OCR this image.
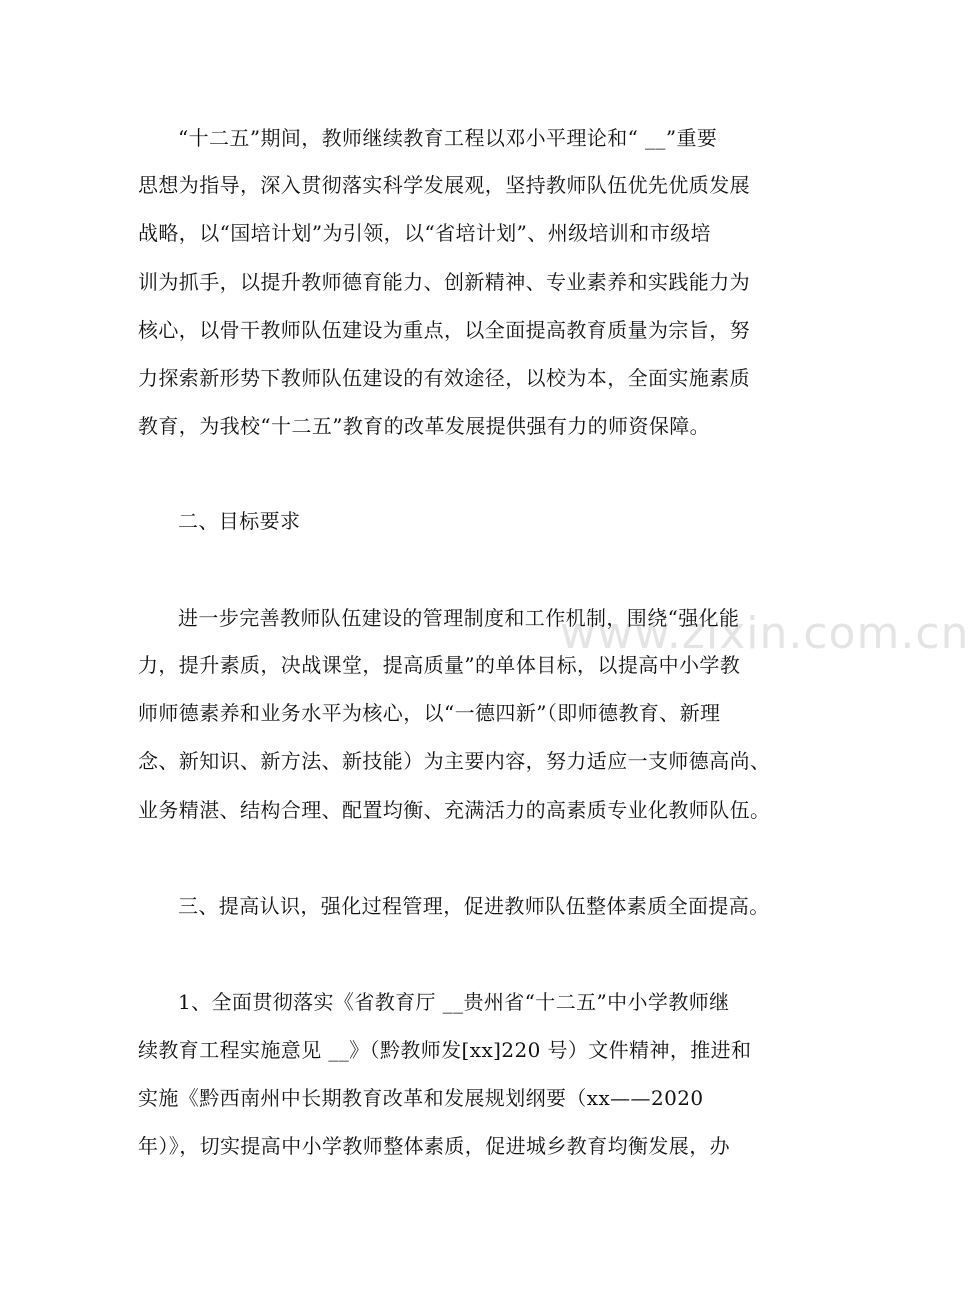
www.zixin.com.cn
“十二五”期间，教师继续教育工程以邓小平理论和“ __”重要
思想为指导，深入贯彻落实科学发展观，坚持教师队伍优先优质发展
战略，以“国培计划”为引领，以“省培计划”、州级培训和市级培
训为抓手，以提升教师德育能力、创新精神、专业素养和实践能力为
核心，以骨干教师队伍建设为重点，以全面提高教育质量为宗旨，努
力探索新形势下教师队伍建设的有效途径，以校为本，全面实施素质
教育，为我校“十二五”教育的改革发展提供强有力的师资保障。
二、目标要求
进一步完善教师队伍建设的管理制度和工作机制，围绕“强化能
力，提升素质，决战课堂，提高质量”的单体目标，以提高中小学教
师师德素养和业务水平为核心，以“一德四新”（即师德教育、新理
念、新知识、新方法、新技能）为主要内容，努力适应一支师德高尚、
业务精湛、结构合理、配置均衡、充满活力的高素质专业化教师队伍。
三、提高认识，强化过程管理，促进教师队伍整体素质全面提高。
1、全面贯彻落实《省教育厅 __贵州省“十二五”中小学教师继
续教育工程实施意见 __》（黔教师发[xx]220 号）文件精神，推进和
实施《黔西南州中长期教育改革和发展规划纲要（xx——2020
年）》，切实提高中小学教师整体素质，促进城乡教育均衡发展，办
